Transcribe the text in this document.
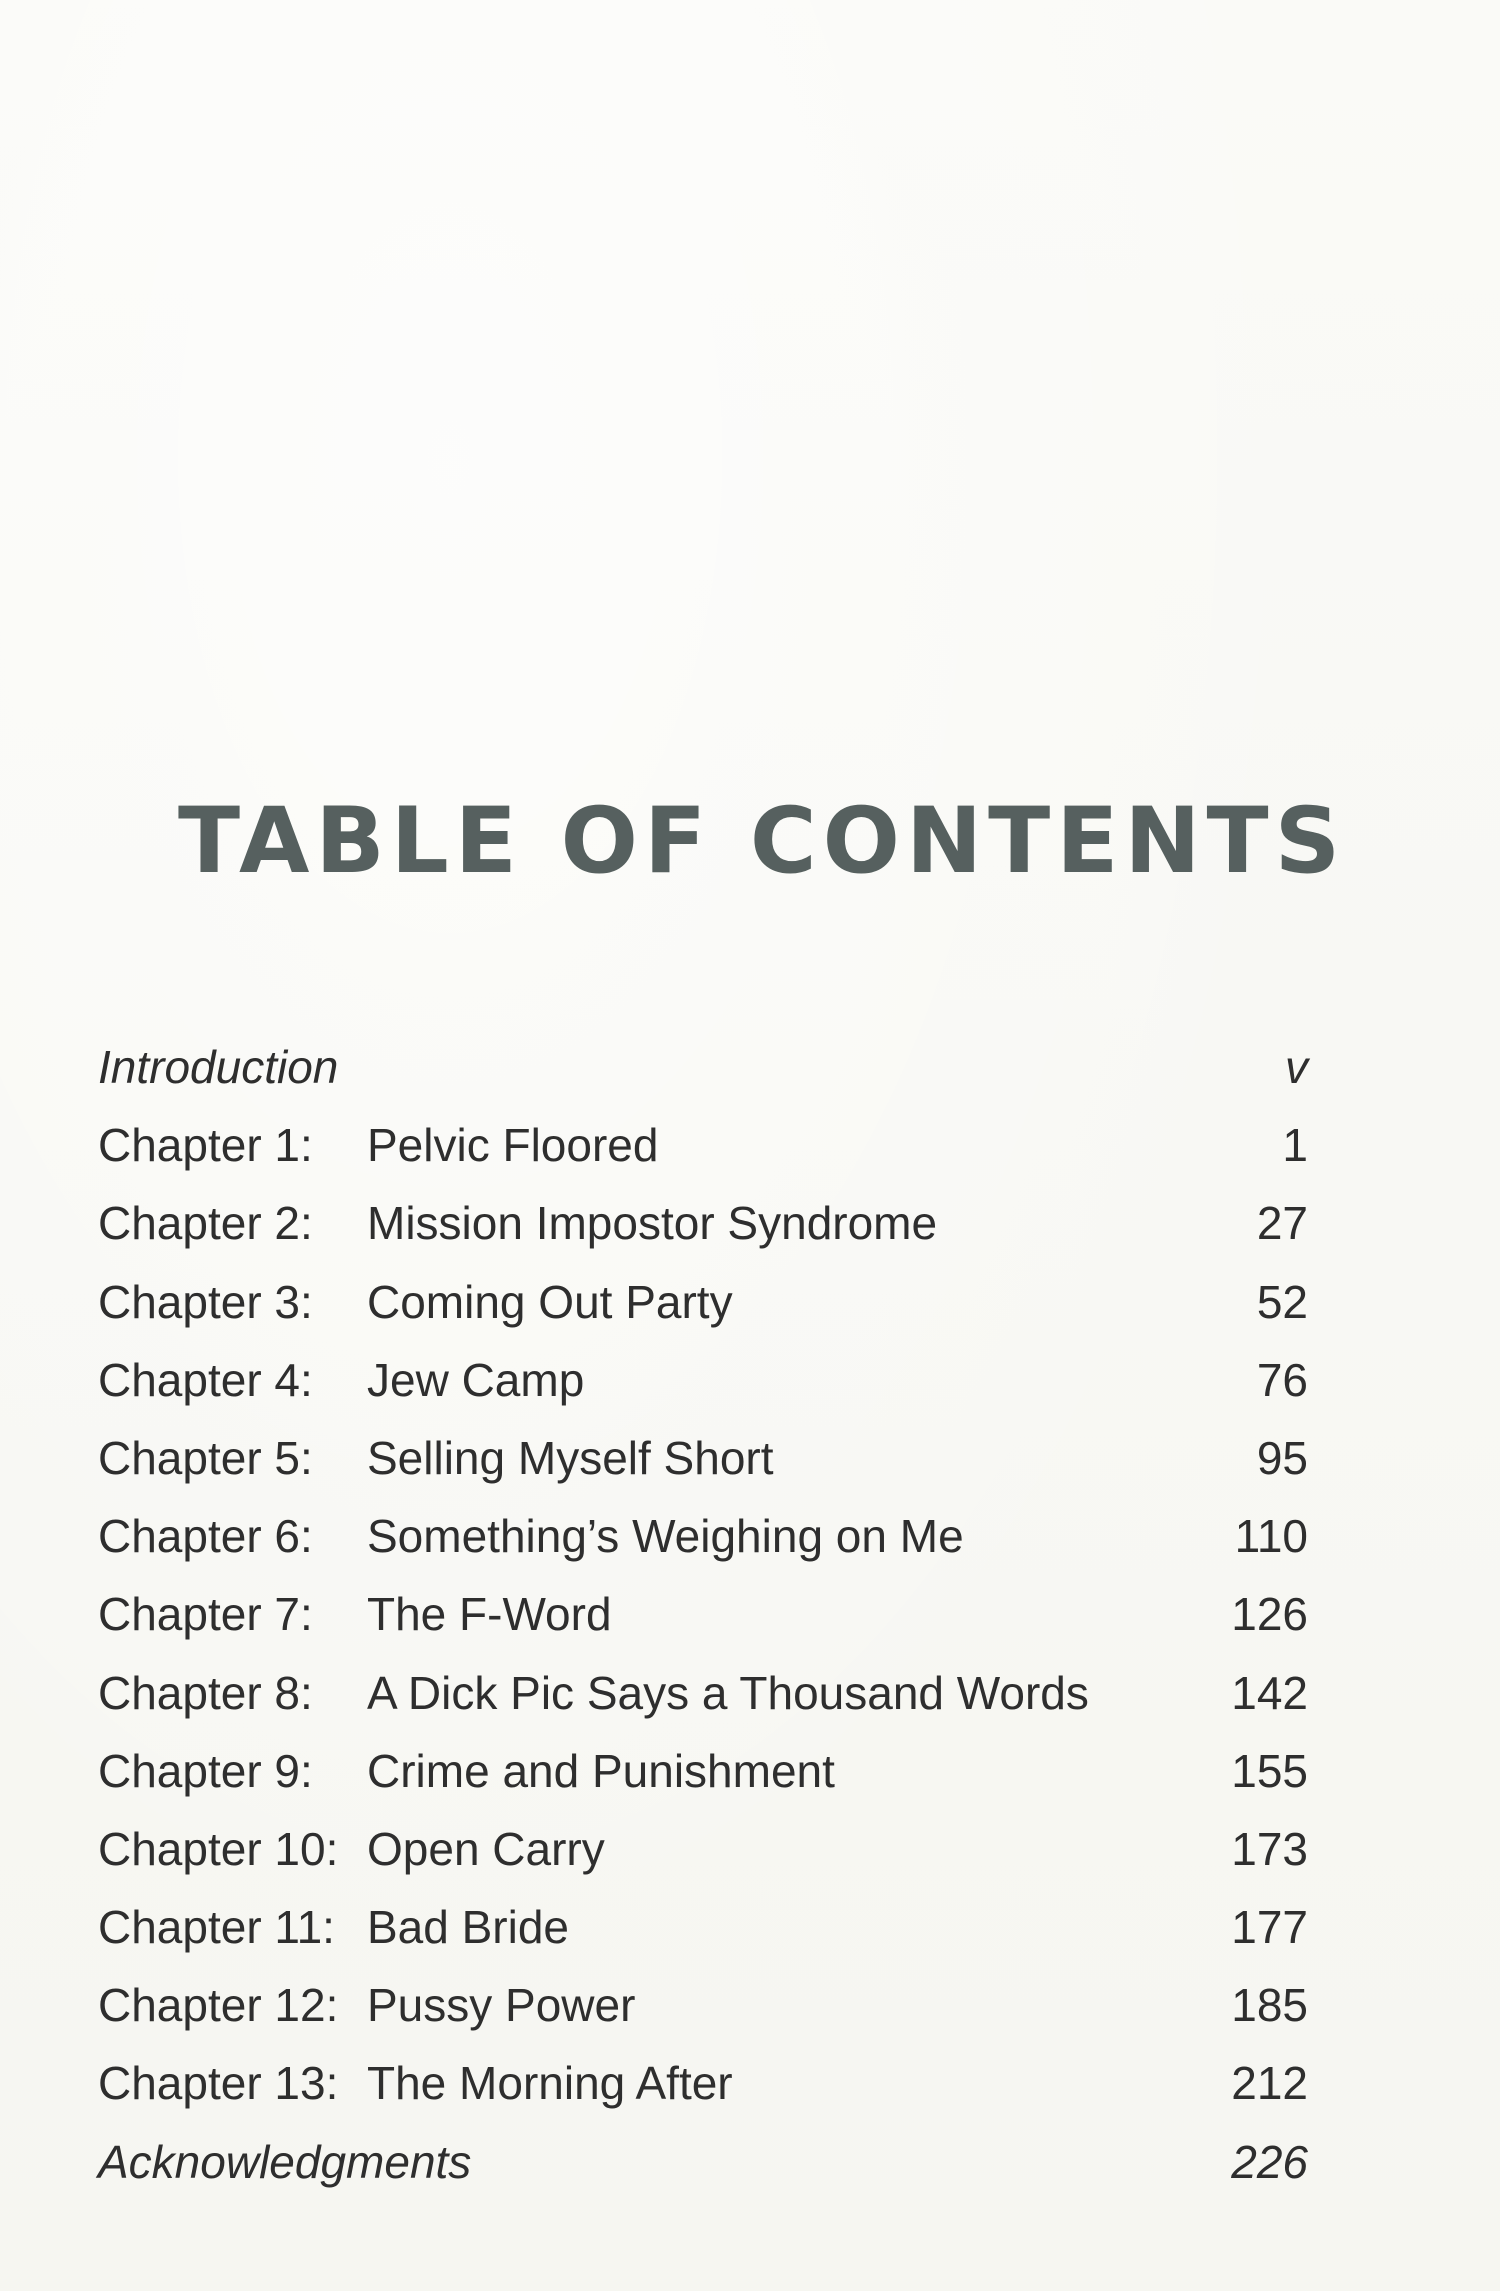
TABLE OF CONTENTS
Introduction	v
Chapter 1: Pelvic Floored	1
Chapter 2: Mission Impostor Syndrome	27
Chapter 3: Coming Out Party	52
Chapter 4: Jew Camp	76
Chapter 5: Selling Myself Short	95
Chapter 6: Something’s Weighing on Me	110
Chapter 7: The F-Word	126
Chapter 8: A Dick Pic Says a Thousand Words	142
Chapter 9: Crime and Punishment	155
Chapter 10: Open Carry	173
Chapter 11: Bad Bride	177
Chapter 12: Pussy Power	185
Chapter 13: The Morning After	212
Acknowledgments	226
